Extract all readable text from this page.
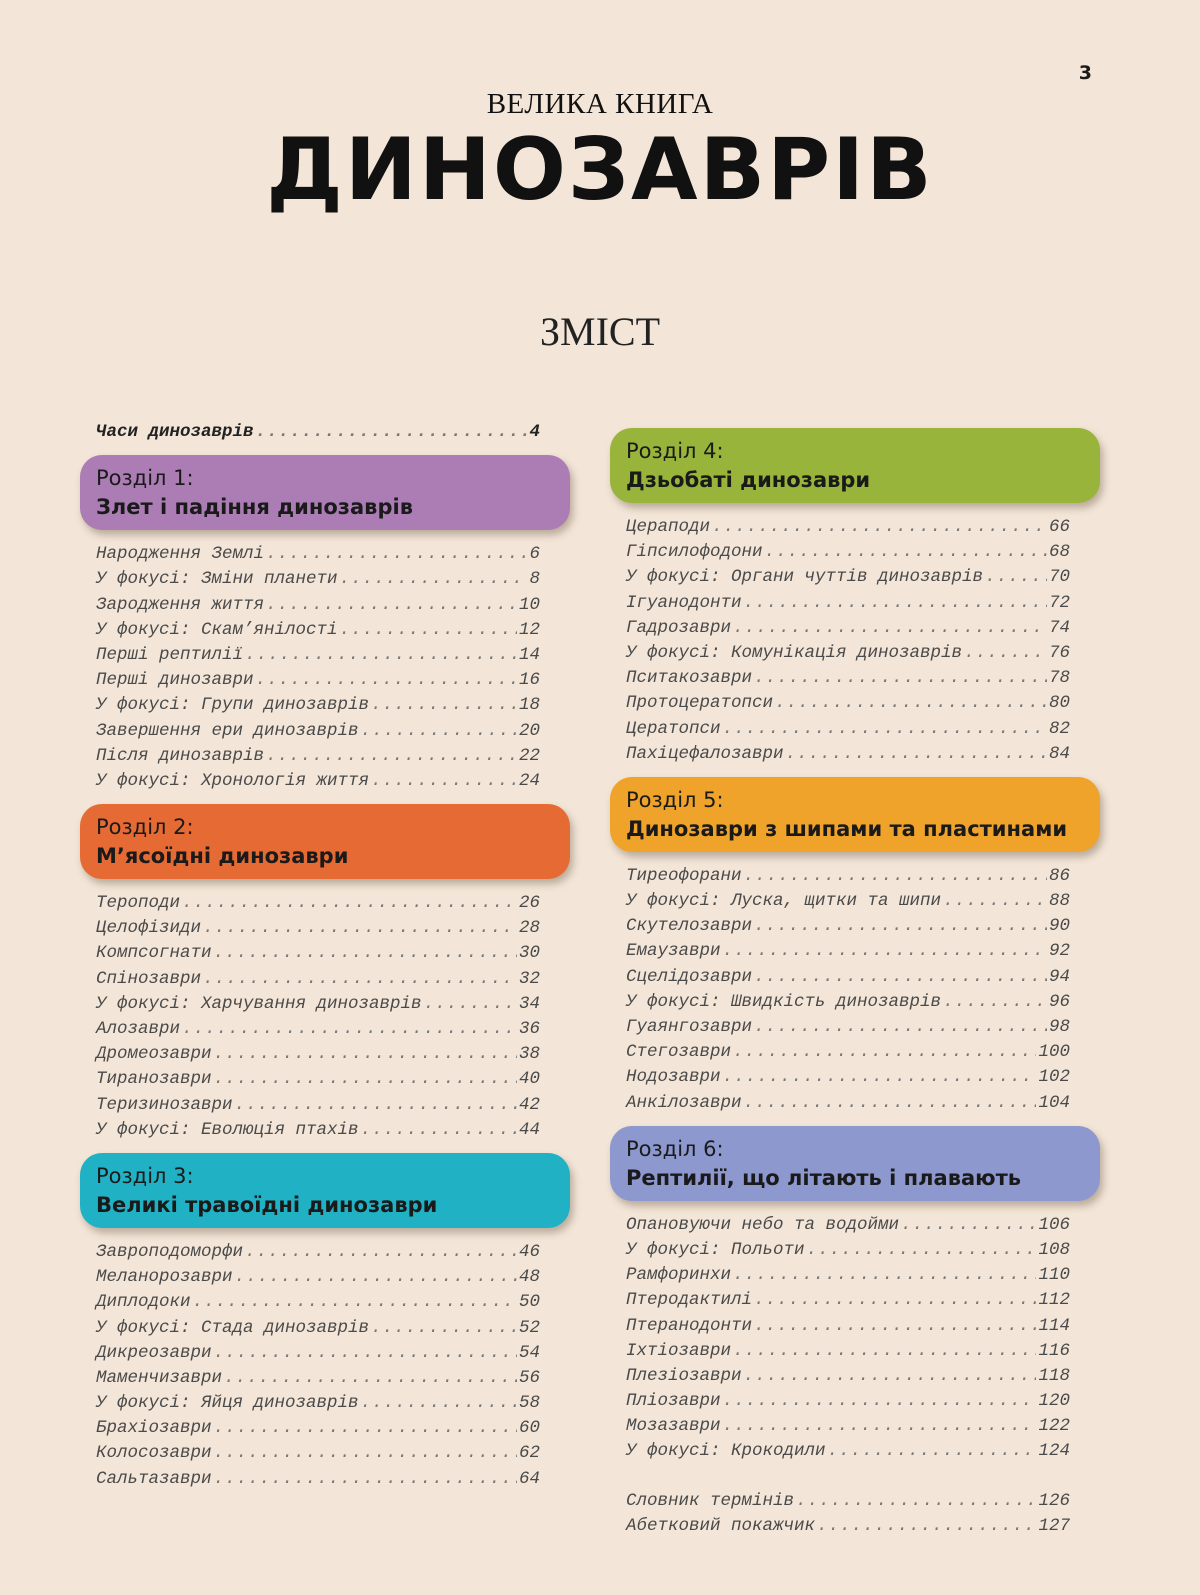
3
ВЕЛИКА КНИГА
ДИНОЗАВРІВ
ЗМІСТ
Часи динозаврів .....	4
Розділ 1:
Злет і падіння динозаврів
Народження Землі .....	6
У фокусі: Зміни планети .....	8
Зародження життя .....	10
У фокусі: Скам’янілості .....	12
Перші рептилії .....	14
Перші динозаври .....	16
У фокусі: Групи динозаврів .....	18
Завершення ери динозаврів .....	20
Після динозаврів .....	22
У фокусі: Хронологія життя .....	24
Розділ 2:
М’ясоїдні динозаври
Тероподи .....	26
Целофізиди .....	28
Компсогнати .....	30
Спінозаври .....	32
У фокусі: Харчування динозаврів .....	34
Алозаври .....	36
Дромеозаври .....	38
Тиранозаври .....	40
Теризинозаври .....	42
У фокусі: Еволюція птахів .....	44
Розділ 3:
Великі травоїдні динозаври
Завроподоморфи .....	46
Меланорозаври .....	48
Диплодоки .....	50
У фокусі: Стада динозаврів .....	52
Дикреозаври .....	54
Маменчизаври .....	56
У фокусі: Яйця динозаврів .....	58
Брахіозаври .....	60
Колосозаври .....	62
Сальтазаври .....	64
Розділ 4:
Дзьобаті динозаври
Цераподи .....	66
Гіпсилофодони .....	68
У фокусі: Органи чуттів динозаврів .....	70
Ігуанодонти .....	72
Гадрозаври .....	74
У фокусі: Комунікація динозаврів .....	76
Пситакозаври .....	78
Протоцератопси .....	80
Цератопси .....	82
Пахіцефалозаври .....	84
Розділ 5:
Динозаври з шипами та пластинами
Тиреофорани .....	86
У фокусі: Луска, щитки та шипи .....	88
Скутелозаври .....	90
Емаузаври .....	92
Сцелідозаври .....	94
У фокусі: Швидкість динозаврів .....	96
Гуаянгозаври .....	98
Стегозаври .....	100
Нодозаври .....	102
Анкілозаври .....	104
Розділ 6:
Рептилії, що літають і плавають
Опановуючи небо та водойми .....	106
У фокусі: Польоти .....	108
Рамфоринхи .....	110
Птеродактилі .....	112
Птеранодонти .....	114
Іхтіозаври .....	116
Плезіозаври .....	118
Пліозаври .....	120
Мозазаври .....	122
У фокусі: Крокодили .....	124
Словник термінів .....	126
Абетковий покажчик .....	127
